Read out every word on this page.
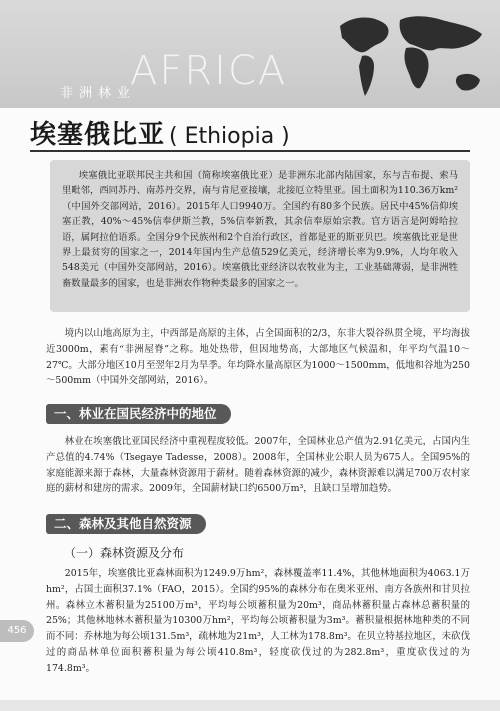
AFRICA
非洲林业
埃塞俄比亚 ( Ethiopia )

埃塞俄比亚联邦民主共和国（简称埃塞俄比亚）是非洲东北部内陆国家，东与吉布提、索马里毗邻，西同苏丹、南苏丹交界，南与肯尼亚接壤，北接厄立特里亚。国土面积为110.36万km²（中国外交部网站，2016）。2015年人口9940万。全国约有80多个民族。居民中45%信仰埃塞正教，40%～45%信奉伊斯兰教，5%信奉新教，其余信奉原始宗教。官方语言是阿姆哈拉语，属阿拉伯语系。全国分9个民族州和2个自治行政区，首都是亚的斯亚贝巴。埃塞俄比亚是世界上最贫穷的国家之一，2014年国内生产总值529亿美元，经济增长率为9.9%，人均年收入548美元（中国外交部网站，2016）。埃塞俄比亚经济以农牧业为主，工业基础薄弱，是非洲牲畜数量最多的国家，也是非洲农作物种类最多的国家之一。

境内以山地高原为主，中西部是高原的主体，占全国面积的2/3，东非大裂谷纵贯全境，平均海拔近3000m，素有“非洲屋脊”之称。地处热带，但因地势高，大部地区气候温和，年平均气温10～27℃。大部分地区10月至翌年2月为旱季。年均降水量高原区为1000～1500mm，低地和谷地为250～500mm（中国外交部网站，2016）。

一、林业在国民经济中的地位

林业在埃塞俄比亚国民经济中重视程度较低。2007年，全国林业总产值为2.91亿美元，占国内生产总值的4.74%（Tsegaye Tadesse，2008）。2008年，全国林业公职人员为675人。全国95%的家庭能源来源于森林，大量森林资源用于薪材。随着森林资源的减少，森林资源难以满足700万农村家庭的薪材和建房的需求。2009年，全国薪材缺口约6500万m³，且缺口呈增加趋势。

二、森林及其他自然资源
（一）森林资源及分布

2015年，埃塞俄比亚森林面积为1249.9万hm²，森林覆盖率11.4%，其他林地面积为4063.1万hm²，占国土面积37.1%（FAO，2015）。全国约95%的森林分布在奥米亚州、南方各族州和甘贝拉州。森林立木蓄积量为25100万m³，平均每公顷蓄积量为20m³，商品林蓄积量占森林总蓄积量的25%；其他林地林木蓄积量为10300万hm²，平均每公顷蓄积量为3m³。蓄积量根据林地种类的不同而不同：乔林地为每公顷131.5m³，疏林地为21m³，人工林为178.8m³。在贝立特基拉地区，未砍伐过的商品林单位面积蓄积量为每公顷410.8m³，轻度砍伐过的为282.8m³，重度砍伐过的为174.8m³。

456
